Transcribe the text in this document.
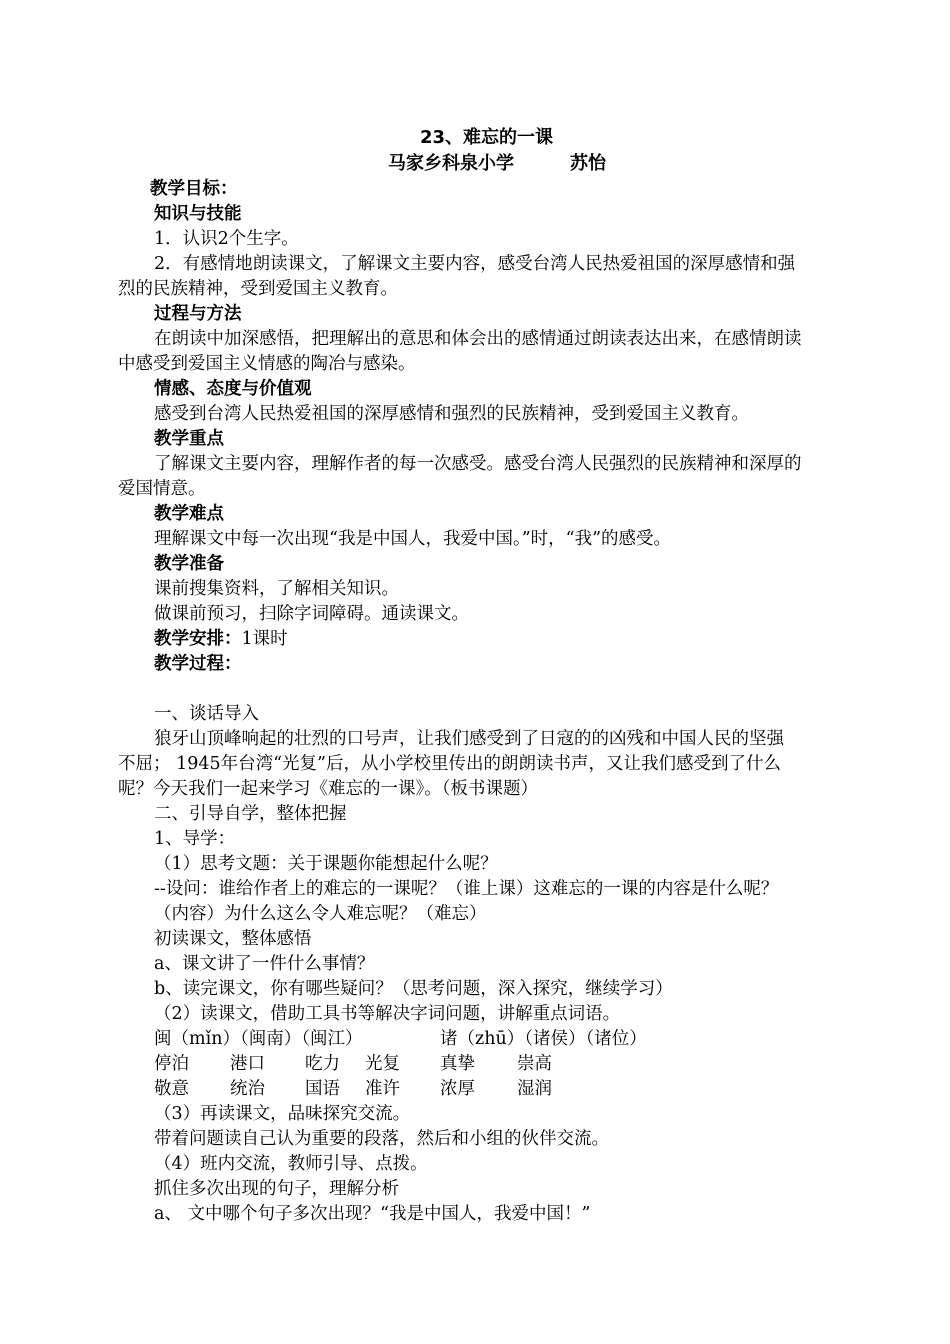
23、难忘的一课
马家乡科泉小学	苏怡
教学目标：
知识与技能
1．认识2个生字。
2．有感情地朗读课文，了解课文主要内容，感受台湾人民热爱祖国的深厚感情和强
烈的民族精神，受到爱国主义教育。
过程与方法
在朗读中加深感悟，把理解出的意思和体会出的感情通过朗读表达出来，在感情朗读
中感受到爱国主义情感的陶冶与感染。
情感、态度与价值观
感受到台湾人民热爱祖国的深厚感情和强烈的民族精神，受到爱国主义教育。
教学重点
了解课文主要内容，理解作者的每一次感受。感受台湾人民强烈的民族精神和深厚的
爱国情意。
教学难点
理解课文中每一次出现“我是中国人，我爱中国。”时，“我”的感受。
教学准备
课前搜集资料，了解相关知识。
做课前预习，扫除字词障碍。通读课文。
教学安排：1课时
教学过程：
一、谈话导入
狼牙山顶峰响起的壮烈的口号声，让我们感受到了日寇的的凶残和中国人民的坚强
不屈； 1945年台湾“光复”后，从小学校里传出的朗朗读书声，又让我们感受到了什么
呢？今天我们一起来学习《难忘的一课》。（板书课题）
二、引导自学，整体把握
1、导学：
（1）思考文题：关于课题你能想起什么呢？
--设问：谁给作者上的难忘的一课呢？（谁上课）这难忘的一课的内容是什么呢？
（内容）为什么这么令人难忘呢？（难忘）
初读课文，整体感悟
a、课文讲了一件什么事情？
b、读完课文，你有哪些疑问？（思考问题，深入探究，继续学习）
（2）读课文，借助工具书等解决字词问题，讲解重点词语。
闽（mǐn）（闽南）（闽江）	诸（zhū）（诸侯）（诸位）
停泊 港口 吃力 光复 真挚 崇高
敬意 统治 国语 准许 浓厚 湿润
（3）再读课文，品味探究交流。
带着问题读自己认为重要的段落，然后和小组的伙伴交流。
（4）班内交流，教师引导、点拨。
抓住多次出现的句子，理解分析
a、 文中哪个句子多次出现？“我是中国人，我爱中国！”
